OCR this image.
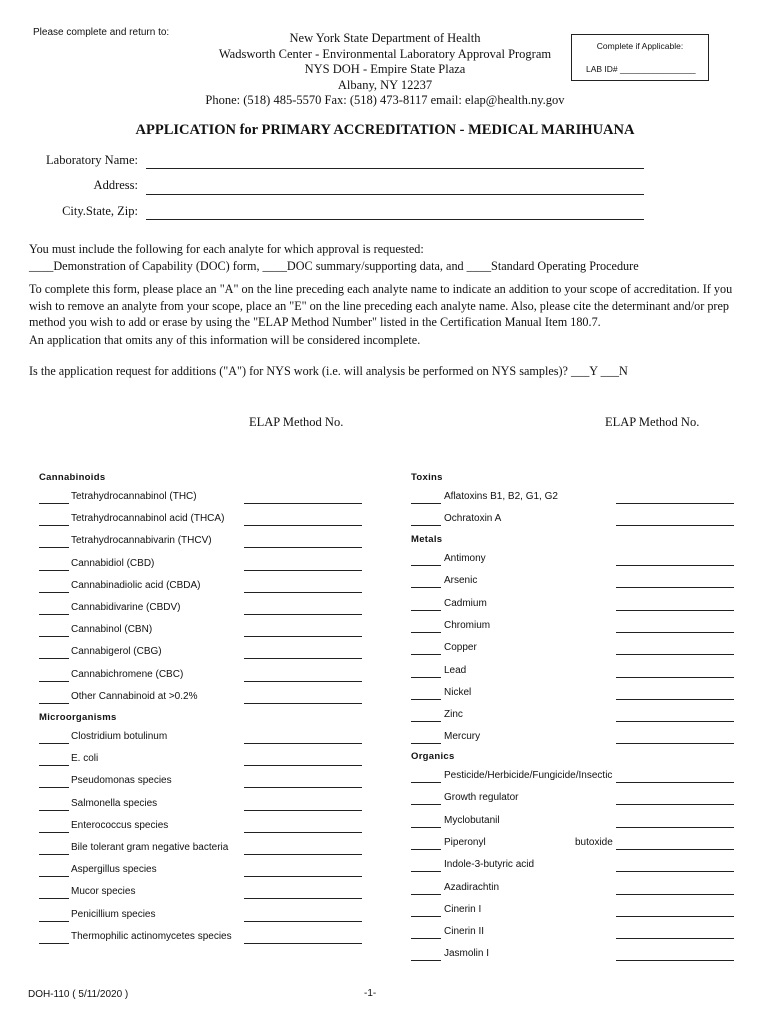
Please complete and return to:	New York State Department of Health
Wadsworth Center - Environmental Laboratory Approval Program
NYS DOH - Empire State Plaza
Albany, NY 12237
Phone: (518) 485-5570 Fax: (518) 473-8117 email: elap@health.ny.gov
Complete if Applicable:
LAB ID# ________________
APPLICATION for PRIMARY ACCREDITATION - MEDICAL MARIHUANA
Laboratory Name:
Address:
City.State, Zip:
You must include the following for each analyte for which approval is requested:
____Demonstration of Capability (DOC) form, ____DOC summary/supporting data, and ____Standard Operating Procedure
To complete this form, please place an "A" on the line preceding each analyte name to indicate an addition to your scope of accreditation. If you wish to remove an analyte from your scope, place an "E" on the line preceding each analyte name. Also, please cite the determinant and/or prep method you wish to add or erase by using the "ELAP Method Number" listed in the Certification Manual Item 180.7.
An application that omits any of this information will be considered incomplete.
Is the application request for additions ("A") for NYS work (i.e. will analysis be performed on NYS samples)? ___Y ___N
ELAP Method No.	ELAP Method No.
Cannabinoids
Tetrahydrocannabinol (THC)
Tetrahydrocannabinol acid (THCA)
Tetrahydrocannabivarin (THCV)
Cannabidiol (CBD)
Cannabinadiolic acid (CBDA)
Cannabidivarine (CBDV)
Cannabinol (CBN)
Cannabigerol (CBG)
Cannabichromene (CBC)
Other Cannabinoid at >0.2%
Microorganisms
Clostridium botulinum
E. coli
Pseudomonas species
Salmonella species
Enterococcus species
Bile tolerant gram negative bacteria
Aspergillus species
Mucor species
Penicillium species
Thermophilic actinomycetes species
Toxins
Aflatoxins B1, B2, G1, G2
Ochratoxin A
Metals
Antimony
Arsenic
Cadmium
Chromium
Copper
Lead
Nickel
Zinc
Mercury
Organics
Pesticide/Herbicide/Fungicide/Insectic
Growth regulator
Myclobutanil
Piperonyl	butoxide
Indole-3-butyric acid
Azadirachtin
Cinerin I
Cinerin II
Jasmolin I
DOH-110 ( 5/11/2020 )	-1-
